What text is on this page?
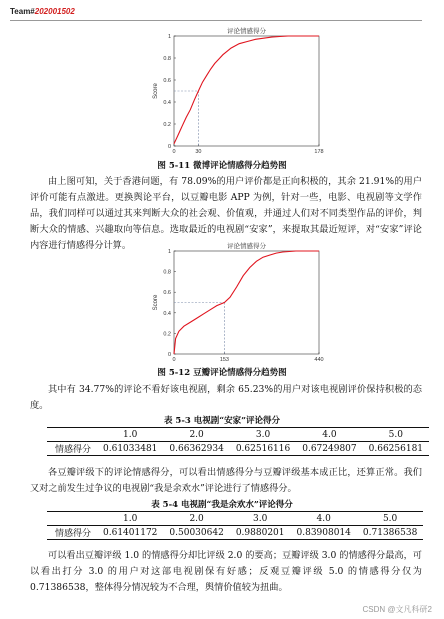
Team#202001502
评论情感得分
0
0.2
0.4
0.6
0.8
1
0	30	178
Score
图 5-11 微博评论情感得分趋势图
由上图可知，关于香港问题，有 78.09%的用户评价都是正向积极的，其余 21.91%的用户评价可能有点激进。更换舆论平台，以豆瓣电影 APP 为例，针对一些，电影、电视剧等文学作品，我们同样可以通过其来判断大众的社会观、价值观，并通过人们对不同类型作品的评价，判断大众的情感、兴趣取向等信息。选取最近的电视剧“安家”，来提取其最近短评，对“安家”评论内容进行情感得分计算。	评论情感得分
0
0.2
0.4
0.6
0.8
1
0	153	440
Score
图 5-12 豆瓣评论情感得分趋势图
其中有 34.77%的评论不看好该电视剧，剩余 65.23%的用户对该电视剧评价保持积极的态度。
表 5-3 电视剧“安家”评论得分
	1.0	2.0	3.0	4.0	5.0
情感得分	0.61033481	0.66362934	0.62516116	0.67249807	0.66256181
各豆瓣评级下的评论情感得分，可以看出情感得分与豆瓣评级基本成正比，还算正常。我们又对之前发生过争议的电视剧“我是余欢水”评论进行了情感得分。
表 5-4 电视剧“我是余欢水”评论得分
	1.0	2.0	3.0	4.0	5.0
情感得分	0.61401172	0.50030642	0.9880201	0.83908014	0.71386538
可以看出豆瓣评级 1.0 的情感得分却比评级 2.0 的要高；豆瓣评级 3.0 的情感得分最高，可以看出打分 3.0 的用户对这部电视剧保有好感；反观豆瓣评级 5.0 的情感得分仅为 0.71386538，整体得分情况较为不合理，舆情价值较为扭曲。
CSDN @文凡科研2
